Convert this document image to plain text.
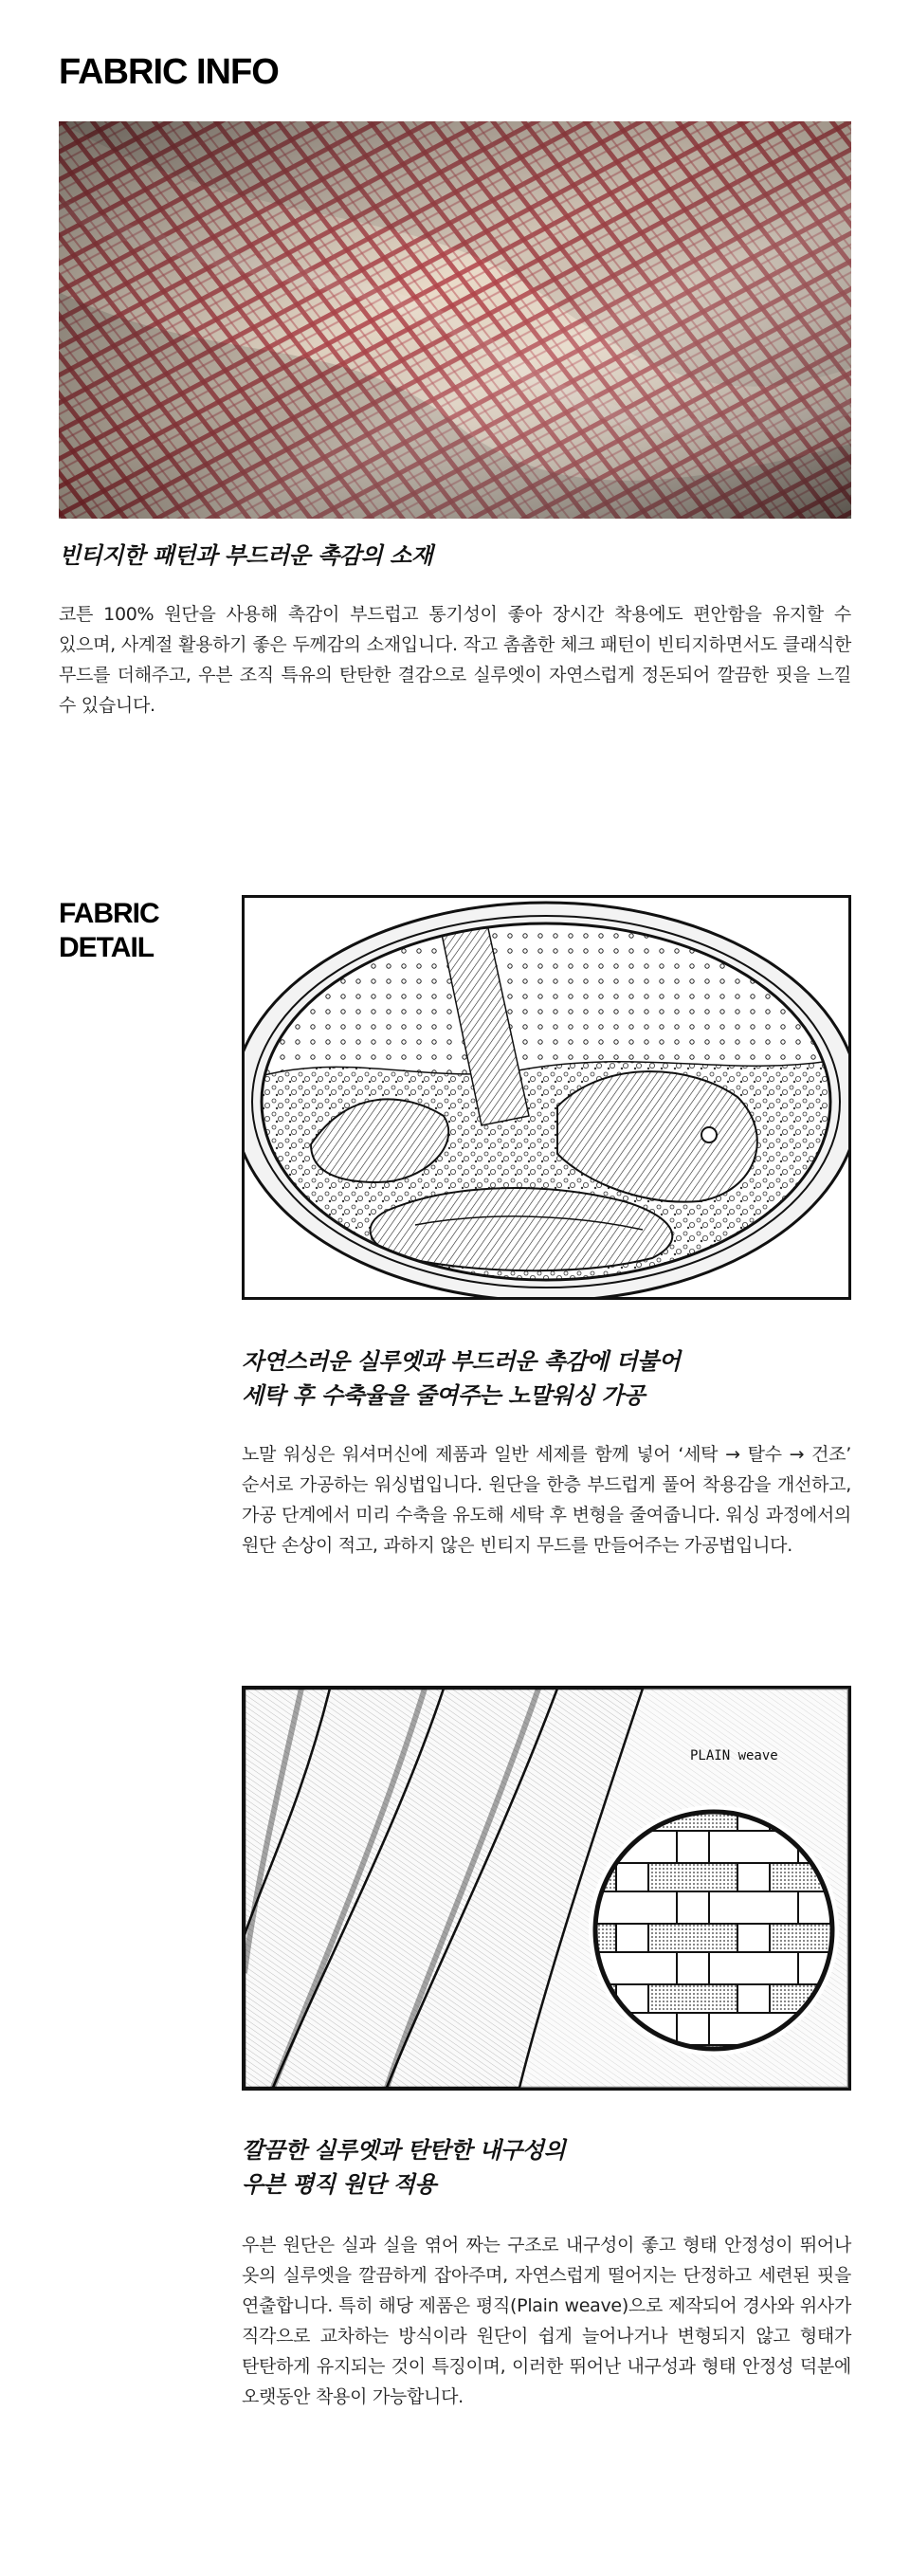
FABRIC INFO

빈티지한 패턴과 부드러운 촉감의 소재

코튼 100% 원단을 사용해 촉감이 부드럽고 통기성이 좋아 장시간 착용에도 편안함을 유지할 수 있으며, 사계절 활용하기 좋은 두께감의 소재입니다. 작고 촘촘한 체크 패턴이 빈티지하면서도 클래식한 무드를 더해주고, 우븐 조직 특유의 탄탄한 결감으로 실루엣이 자연스럽게 정돈되어 깔끔한 핏을 느낄 수 있습니다.

FABRIC
DETAIL
자연스러운 실루엣과 부드러운 촉감에 더불어
세탁 후 수축율을 줄여주는 노말워싱 가공

노말 워싱은 워셔머신에 제품과 일반 세제를 함께 넣어 ‘세탁 → 탈수 → 건조’ 순서로 가공하는 워싱법입니다. 원단을 한층 부드럽게 풀어 착용감을 개선하고, 가공 단계에서 미리 수축을 유도해 세탁 후 변형을 줄여줍니다. 워싱 과정에서의 원단 손상이 적고, 과하지 않은 빈티지 무드를 만들어주는 가공법입니다.

PLAIN weave
깔끔한 실루엣과 탄탄한 내구성의
우븐 평직 원단 적용

우븐 원단은 실과 실을 엮어 짜는 구조로 내구성이 좋고 형태 안정성이 뛰어나 옷의 실루엣을 깔끔하게 잡아주며, 자연스럽게 떨어지는 단정하고 세련된 핏을 연출합니다. 특히 해당 제품은 평직(Plain weave)으로 제작되어 경사와 위사가 직각으로 교차하는 방식이라 원단이 쉽게 늘어나거나 변형되지 않고 형태가 탄탄하게 유지되는 것이 특징이며, 이러한 뛰어난 내구성과 형태 안정성 덕분에 오랫동안 착용이 가능합니다.
